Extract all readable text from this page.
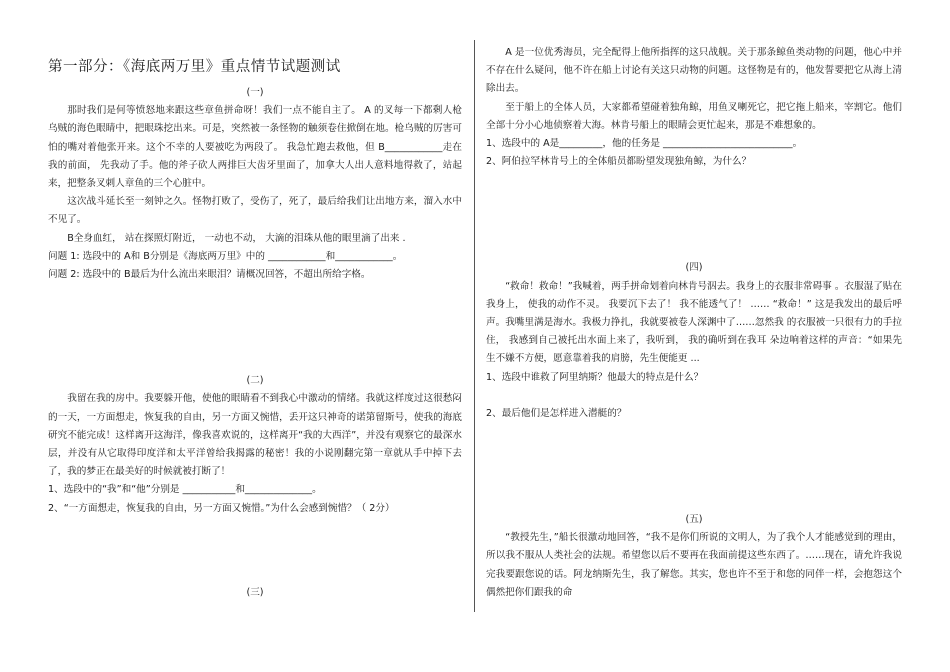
第一部分：《海底两万里》重点情节试题测试
(一)

那时我们是何等愤怒地来跟这些章鱼拼命呀！我们一点不能自主了。 A 的叉每一下都剩人枪乌贼的海色眼睛中，把眼珠挖出来。可是，突然被一条怪物的触须卷住掀倒在地。枪乌贼的厉害可怕的嘴对着他张开来。这个不幸的人要被吃为两段了。 我急忙跑去救他，但 B____________走在我的前面， 先我动了手。他的斧子砍人两排巨大齿牙里面了，加拿大人出人意料地得救了，站起来，把整条叉刺人章鱼的三个心脏中。

这次战斗延长至一刻钟之久。怪物打败了，受伤了，死了，最后给我们让出地方来，溜入水中不见了。

B全身血红， 站在探照灯附近， 一动也不动， 大滴的泪珠从他的眼里滴了出来 .

问题 1: 选段中的 A和 B分别是《海底两万里》中的 ____________和____________。

问题 2: 选段中的 B最后为什么流出来眼泪？请概况回答，不超出所给字格。

(二)

我留在我的房中。我要躲开他，使他的眼睛看不到我心中激动的情绪。我就这样度过这很愁闷的一天，一方面想走，恢复我的自由，另一方面又惋惜，丢开这只神奇的诺第留斯号，使我的海底研究不能完成！这样离开这海洋，像我喜欢说的，这样离开“我的大西洋”，并没有观察它的最深水层，并没有从它取得印度洋和太平洋曾给我揭露的秘密！我的小说刚翻完第一章就从手中掉下去了，我的梦正在最美好的时候就被打断了！

1、选段中的“我”和“他”分别是 ___________和______________。

2、“一方面想走，恢复我的自由，另一方面又惋惜。”为什么会感到惋惜？（ 2分）

(三)

A 是一位优秀海员，完全配得上他所指挥的这只战舰。关于那条鲸鱼类动物的问题，他心中并不存在什么疑问，他不许在船上讨论有关这只动物的问题。这怪物是有的，他发誓要把它从海上清除出去。

至于船上的全体人员，大家都希望碰着独角鲸，用鱼叉喇死它，把它拖上船来，宰割它。他们全部十分小心地侦察着大海。林肯号船上的眼睛会更忙起来，那是不难想象的。

1、选段中的 A是_________，他的任务是 ___________________________。

2、阿伯拉罕林肯号上的全体船员都盼望发现独角鲸，为什么？

(四)

“救命！救命！”我喊着，两手拼命划着向林肯号泅去。我身上的衣服非常碍事 。衣服湿了贴在我身上， 使我的动作不灵。 我要沉下去了！ 我不能透气了！ …… “救命！” 这是我发出的最后呼声。我嘴里满是海水。我极力挣扎，我就要被卷人深渊中了……忽然我 的衣服被一只很有力的手拉住， 我感到自己被托出水面上来了，我听到， 我的确听到在我耳 朵边响着这样的声音：“如果先生不嫌不方便，愿意靠着我的肩膀，先生便能更 ...

1、选段中谁救了阿里纳斯？他最大的特点是什么？

2、最后他们是怎样进入潜艇的？

(五)

“教授先生，”船长很激动地回答，“我不是你们所说的文明人，为了我个人才能感觉到的理由，所以我不服从人类社会的法规。希望您以后不要再在我面前提这些东西了。……现在，请允许我说完我要跟您说的话。阿龙纳斯先生，我了解您。其实，您也许不至于和您的同伴一样，会抱怨这个偶然把你们跟我的命
